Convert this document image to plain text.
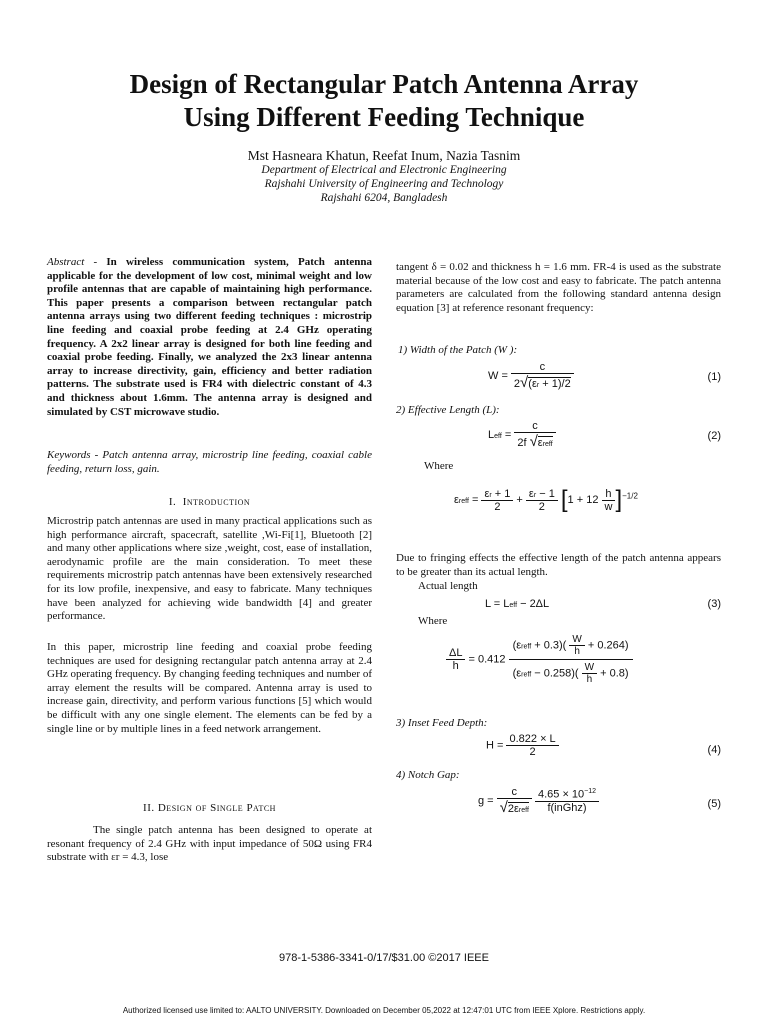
Design of Rectangular Patch Antenna Array
Using Different Feeding Technique
Mst Hasneara Khatun, Reefat Inum, Nazia Tasnim
Department of Electrical and Electronic Engineering
Rajshahi University of Engineering and Technology
Rajshahi 6204, Bangladesh
Abstract - In wireless communication system, Patch antenna applicable for the development of low cost, minimal weight and low profile antennas that are capable of maintaining high performance. This paper presents a comparison between rectangular patch antenna arrays using two different feeding techniques : microstrip line feeding and coaxial probe feeding at 2.4 GHz operating frequency. A 2x2 linear array is designed for both line feeding and coaxial probe feeding. Finally, we analyzed the 2x3 linear antenna array to increase directivity, gain, efficiency and better radiation patterns. The substrate used is FR4 with dielectric constant of 4.3 and thickness about 1.6mm. The antenna array is designed and simulated by CST microwave studio.
Keywords - Patch antenna array, microstrip line feeding, coaxial cable feeding, return loss, gain.
I. Introduction
Microstrip patch antennas are used in many practical applications such as high performance aircraft, spacecraft, satellite ,Wi-Fi[1], Bluetooth [2] and many other applications where size ,weight, cost, ease of installation, aerodynamic profile are the main consideration. To meet these requirements microstrip patch antennas have been extensively researched for its low profile, inexpensive, and easy to fabricate. Many techniques have been analyzed for achieving wide bandwidth [4] and greater performance.
In this paper, microstrip line feeding and coaxial probe feeding techniques are used for designing rectangular patch antenna array at 2.4 GHz operating frequency. By changing feeding techniques and number of array element the results will be compared. Antenna array is used to increase gain, directivity, and perform various functions [5] which would be difficult with any one single element. The elements can be fed by a single line or by multiple lines in a feed network arrangement.
II. Design of Single Patch
The single patch antenna has been designed to operate at resonant frequency of 2.4 GHz with input impedance of 50Ω using FR4 substrate with εr = 4.3, lose
tangent δ = 0.02 and thickness h = 1.6 mm. FR-4 is used as the substrate material because of the low cost and easy to fabricate. The patch antenna parameters are calculated from the following standard antenna design equation [3] at reference resonant frequency:
1) Width of the Patch (W ):
$W = \frac{c}{2√(\varepsilon r + 1)/2}$	(1)
2) Effective Length (L):
Leff = $\frac{c}{\text{2f √εreff}}$	(2)
Where
εreff = $\frac{\varepsilon r + 1}{2} + \frac{\varepsilon r - 1}{2} [1 + 12 \frac{h}{w} ]^{-1/2}$
Due to fringing effects the effective length of the patch antenna appears to be greater than its actual length.
Actual length
L = Leff − 2ΔL	(3)
Where
$\frac{\Delta L}{h} = 0.412 \frac{(\varepsilon reff + 0.3)( \frac{W}{h} + 0.264)}{(\varepsilon reff - 0.258)( \frac{W}{h} + 0.8)}$
3) Inset Feed Depth:
$H = \frac{0.822 \times L}{2}$	(4)
4) Notch Gap:
$g = \frac{c}{\text{√2εreff}}$
$\frac{4.65 \times 10^{-12}}{\text{f(inGhz)}}$	(5)
978-1-5386-3341-0/17/$31.00 ©2017 IEEE
Authorized licensed use limited to: AALTO UNIVERSITY. Downloaded on December 05,2022 at 12:47:01 UTC from IEEE Xplore. Restrictions apply.
